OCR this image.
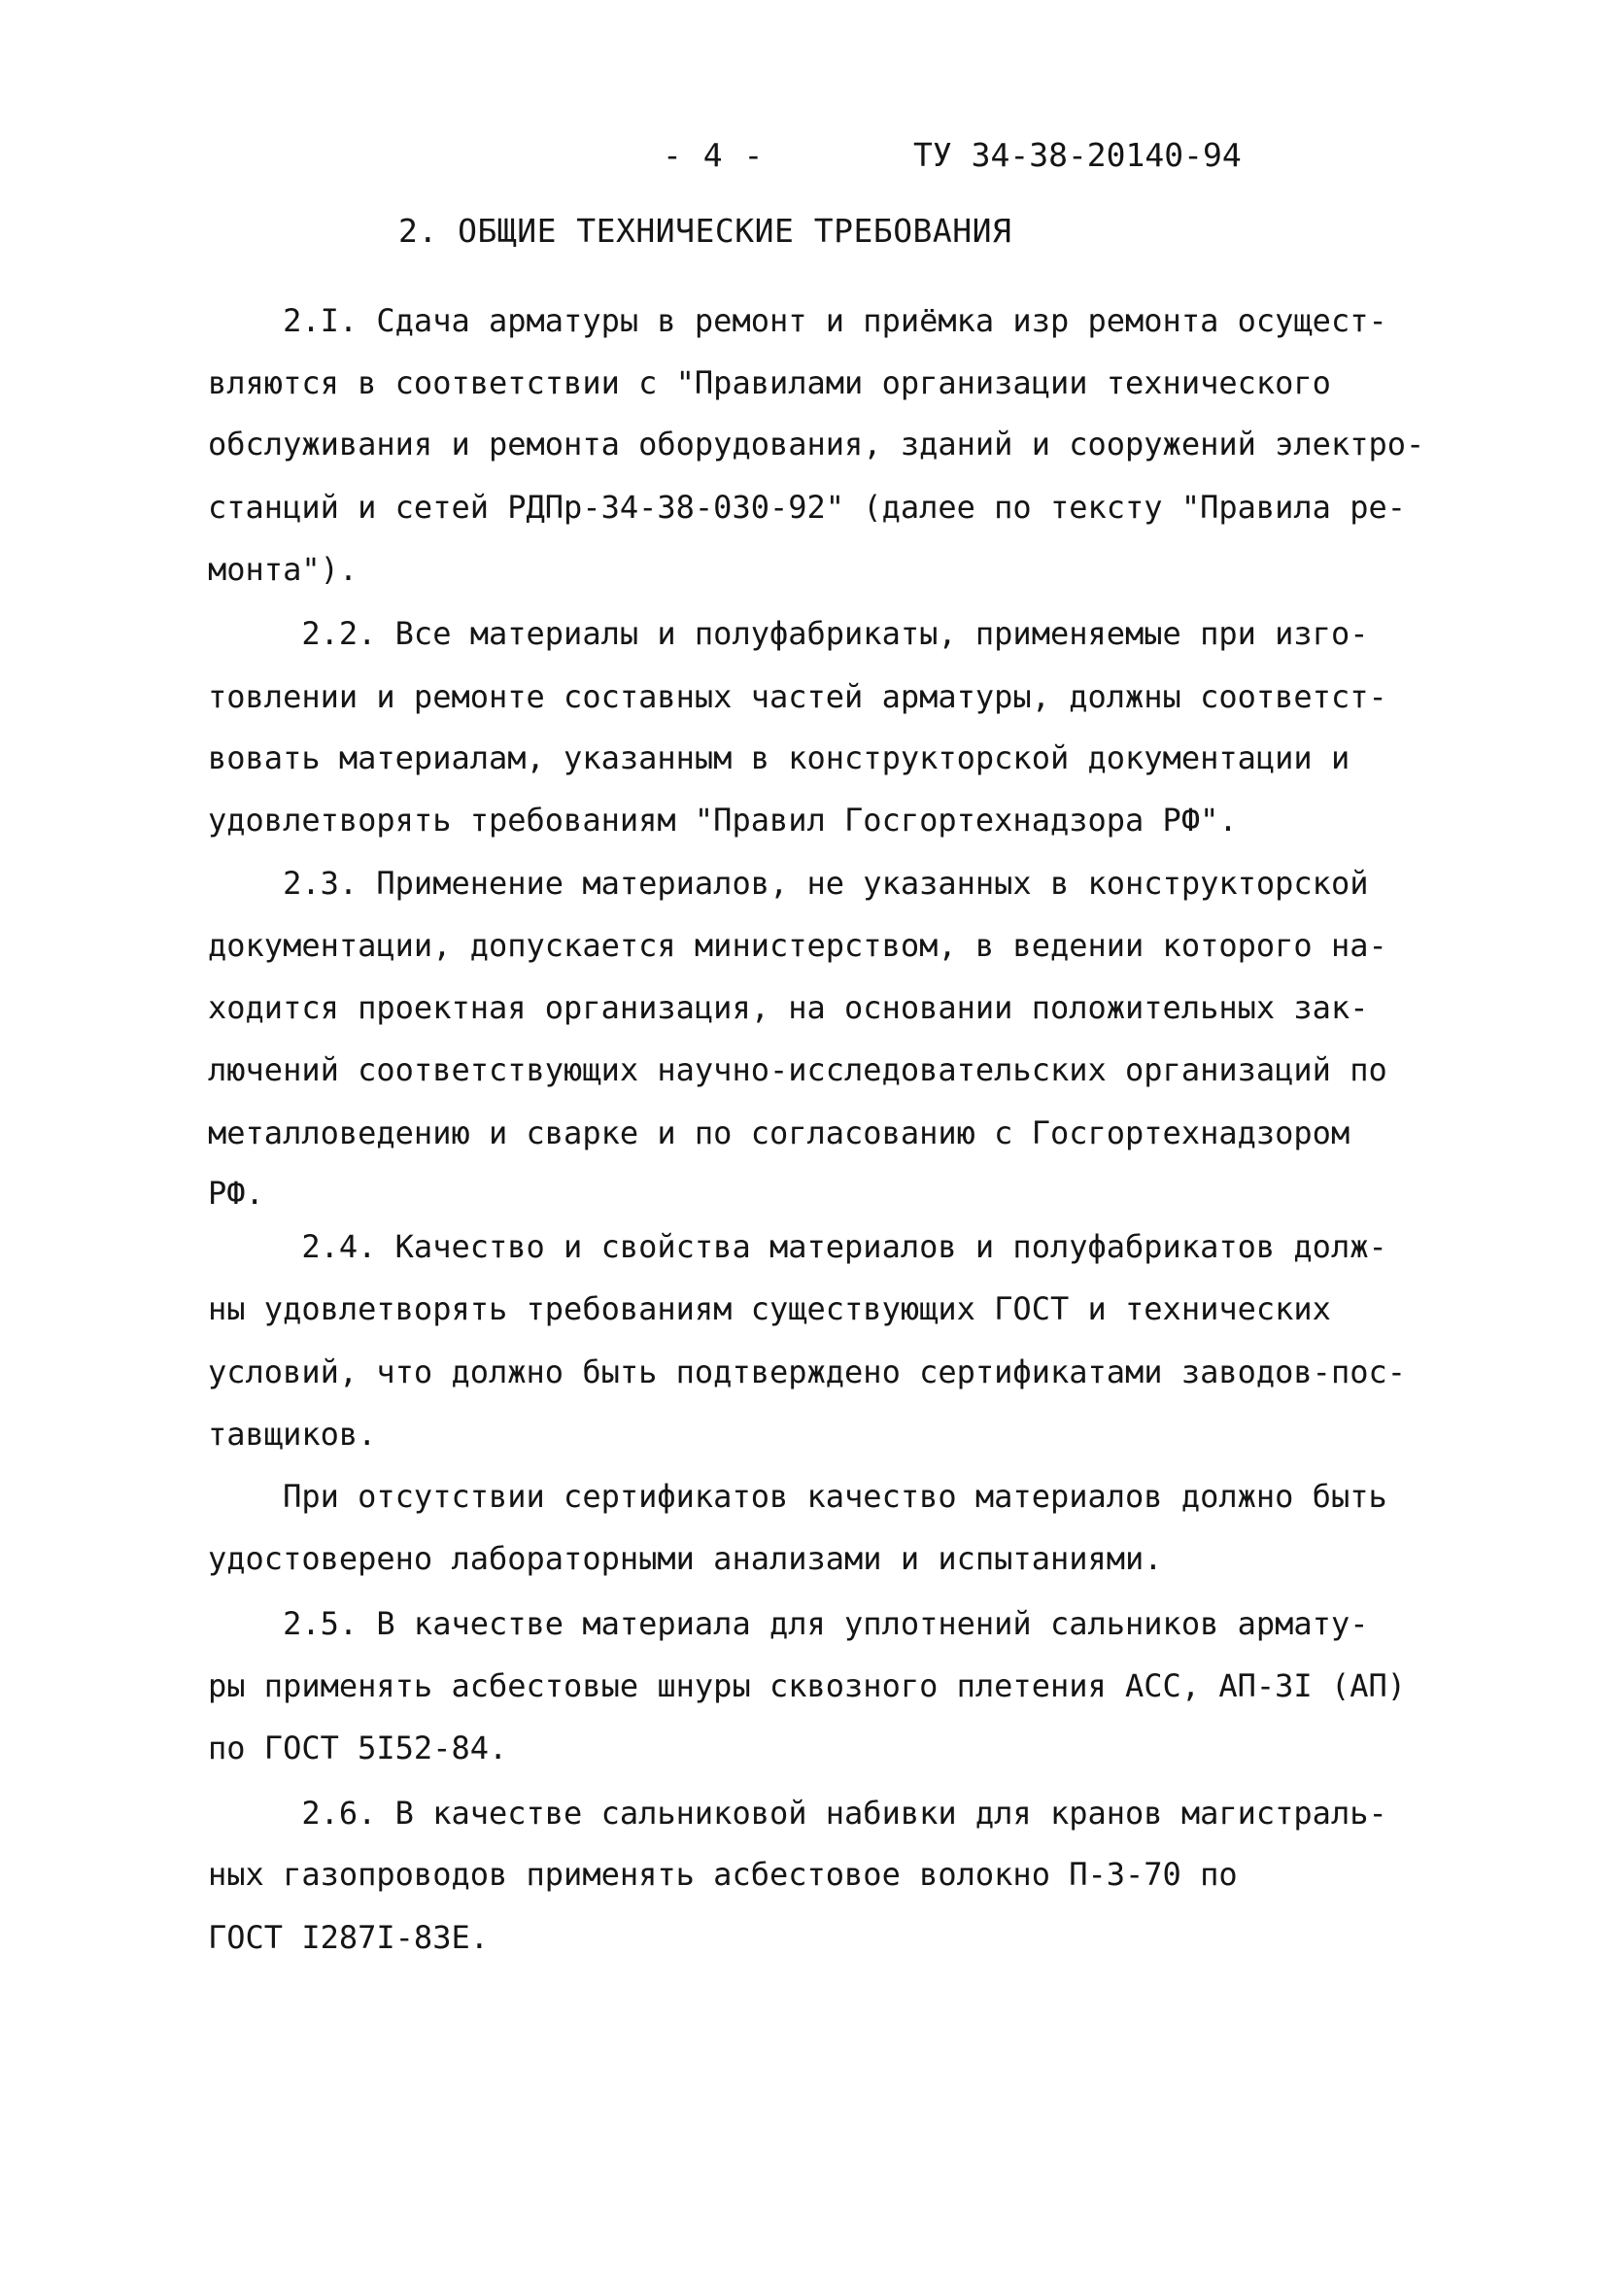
- 4 -	ТУ 34-38-20140-94
2. ОБЩИЕ ТЕХНИЧЕСКИЕ ТРЕБОВАНИЯ
2.I. Сдача арматуры в ремонт и приёмка изр ремонта осущест-
вляются в соответствии с "Правилами организации технического
обслуживания и ремонта оборудования, зданий и сооружений электро-
станций и сетей РДПр-34-38-030-92" (далее по тексту "Правила ре-
монта").
2.2. Все материалы и полуфабрикаты, применяемые при изго-
товлении и ремонте составных частей арматуры, должны соответст-
вовать материалам, указанным в конструкторской документации и
удовлетворять требованиям "Правил Госгортехнадзора РФ".
2.3. Применение материалов, не указанных в конструкторской
документации, допускается министерством, в ведении которого на-
ходится проектная организация, на основании положительных зак-
лючений соответствующих научно-исследовательских организаций по
металловедению и сварке и по согласованию с Госгортехнадзором
РФ.
2.4. Качество и свойства материалов и полуфабрикатов долж-
ны удовлетворять требованиям существующих ГОСТ и технических
условий, что должно быть подтверждено сертификатами заводов-пос-
тавщиков.
При отсутствии сертификатов качество материалов должно быть
удостоверено лабораторными анализами и испытаниями.
2.5. В качестве материала для уплотнений сальников армату-
ры применять асбестовые шнуры сквозного плетения АСС, АП-3I (АП)
по ГОСТ 5I52-84.
2.6. В качестве сальниковой набивки для кранов магистраль-
ных газопроводов применять асбестовое волокно П-3-70 по
ГОСТ I287I-83Е.
